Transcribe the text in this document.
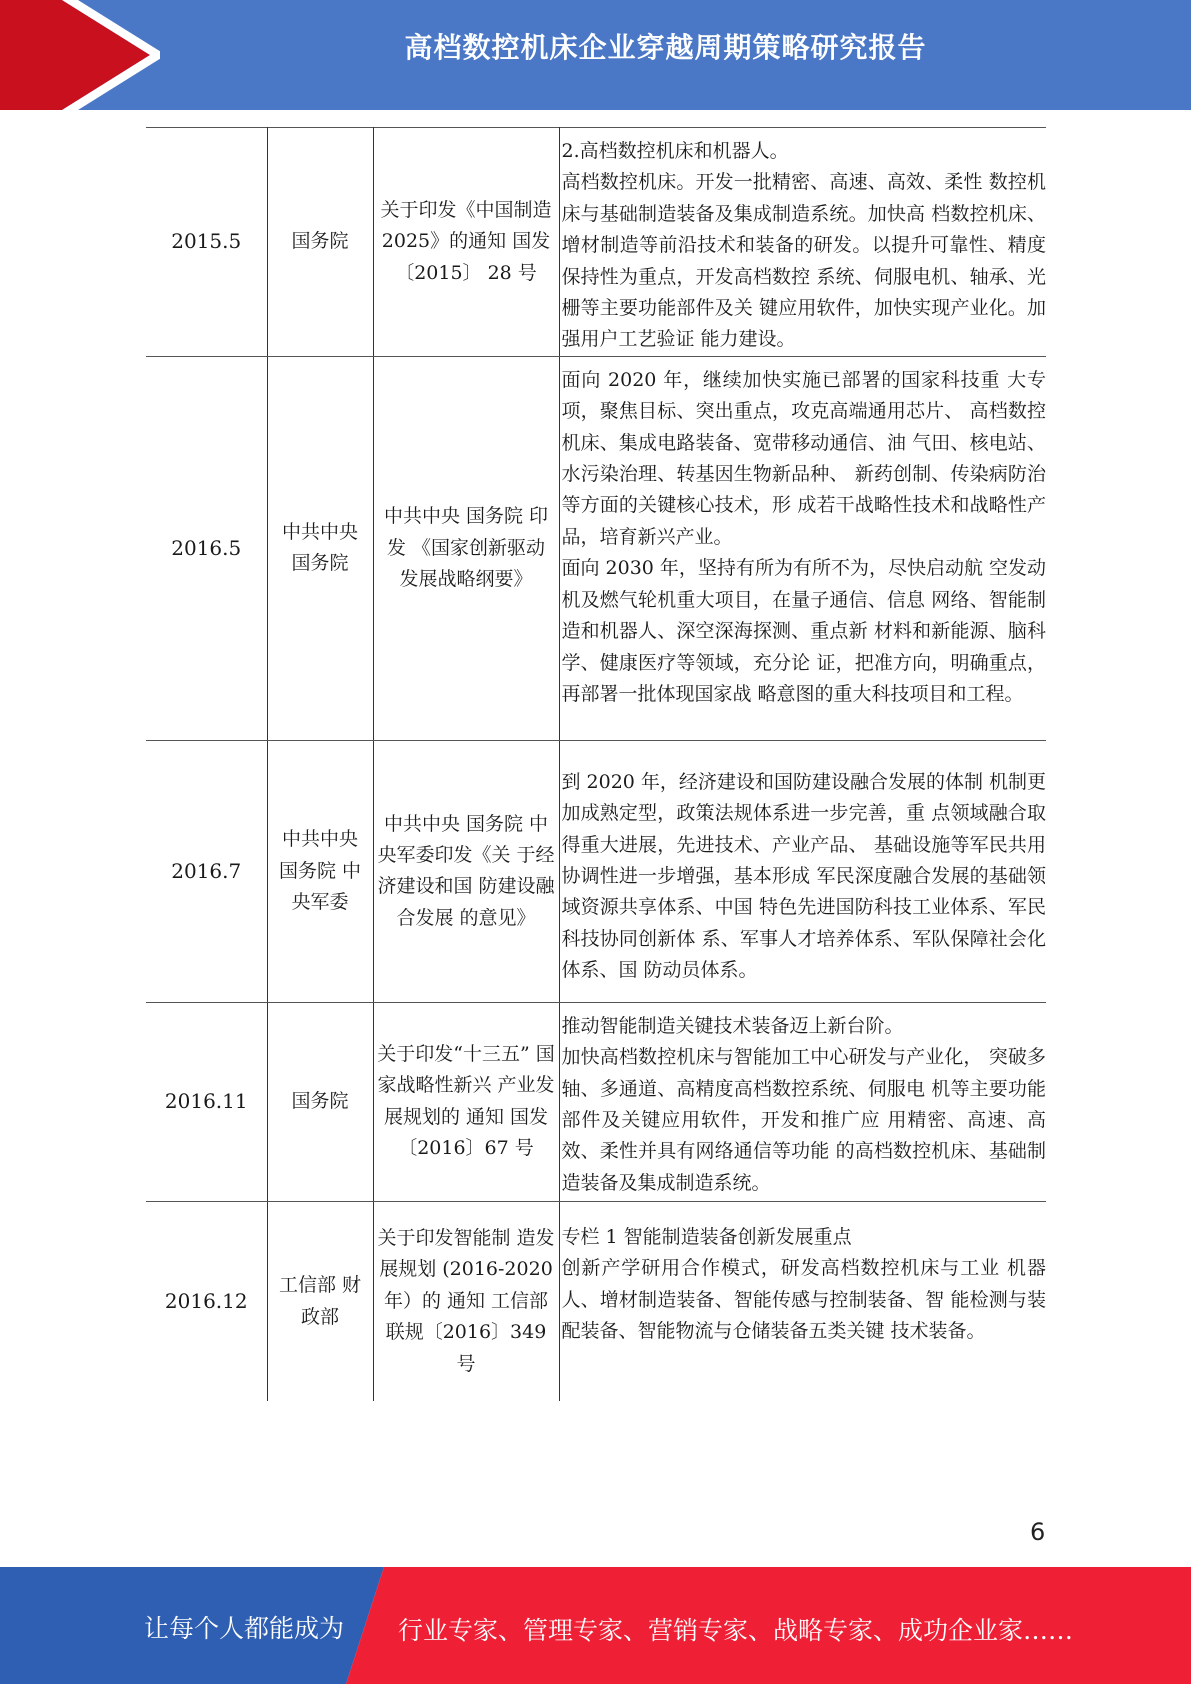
高档数控机床企业穿越周期策略研究报告
2015.5	国务院	关于印发《中国制造 2025》的通知 国发〔2015〕 28 号	2.高档数控机床和机器人。

高档数控机床。开发一批精密、高速、高效、柔性 数控机床与基础制造装备及集成制造系统。加快高 档数控机床、增材制造等前沿技术和装备的研发。以提升可靠性、精度保持性为重点，开发高档数控 系统、伺服电机、轴承、光栅等主要功能部件及关 键应用软件，加快实现产业化。加强用户工艺验证 能力建设。

2016.5	中共中央 国务院	中共中央 国务院 印发 《国家创新驱动 发展战略纲要》	面向 2020 年，继续加快实施已部署的国家科技重 大专项，聚焦目标、突出重点，攻克高端通用芯片、 高档数控机床、集成电路装备、宽带移动通信、油 气田、核电站、水污染治理、转基因生物新品种、 新药创制、传染病防治等方面的关键核心技术，形 成若干战略性技术和战略性产品，培育新兴产业。

面向 2030 年，坚持有所为有所不为，尽快启动航 空发动机及燃气轮机重大项目，在量子通信、信息 网络、智能制造和机器人、深空深海探测、重点新 材料和新能源、脑科学、健康医疗等领域，充分论 证，把准方向，明确重点，再部署一批体现国家战 略意图的重大科技项目和工程。

2016.7	中共中央 国务院 中央军委	中共中央 国务院 中央军委印发《关 于经济建设和国 防建设融合发展 的意见》	到 2020 年，经济建设和国防建设融合发展的体制 机制更加成熟定型，政策法规体系进一步完善，重 点领域融合取得重大进展，先进技术、产业产品、 基础设施等军民共用协调性进一步增强，基本形成 军民深度融合发展的基础领域资源共享体系、中国 特色先进国防科技工业体系、军民科技协同创新体 系、军事人才培养体系、军队保障社会化体系、国 防动员体系。

2016.11	国务院	关于印发“十三五” 国家战略性新兴 产业发展规划的 通知 国发〔2016〕67 号	推动智能制造关键技术装备迈上新台阶。

加快高档数控机床与智能加工中心研发与产业化， 突破多轴、多通道、高精度高档数控系统、伺服电 机等主要功能部件及关键应用软件，开发和推广应 用精密、高速、高效、柔性并具有网络通信等功能 的高档数控机床、基础制造装备及集成制造系统。

2016.12	工信部 财政部	关于印发智能制 造发展规划 (2016-2020 年）的 通知 工信部联规〔2016〕349 号	专栏 1 智能制造装备创新发展重点

创新产学研用合作模式，研发高档数控机床与工业 机器人、增材制造装备、智能传感与控制装备、智 能检测与装配装备、智能物流与仓储装备五类关键 技术装备。

6
让每个人都能成为 行业专家、管理专家、营销专家、战略专家、成功企业家……
